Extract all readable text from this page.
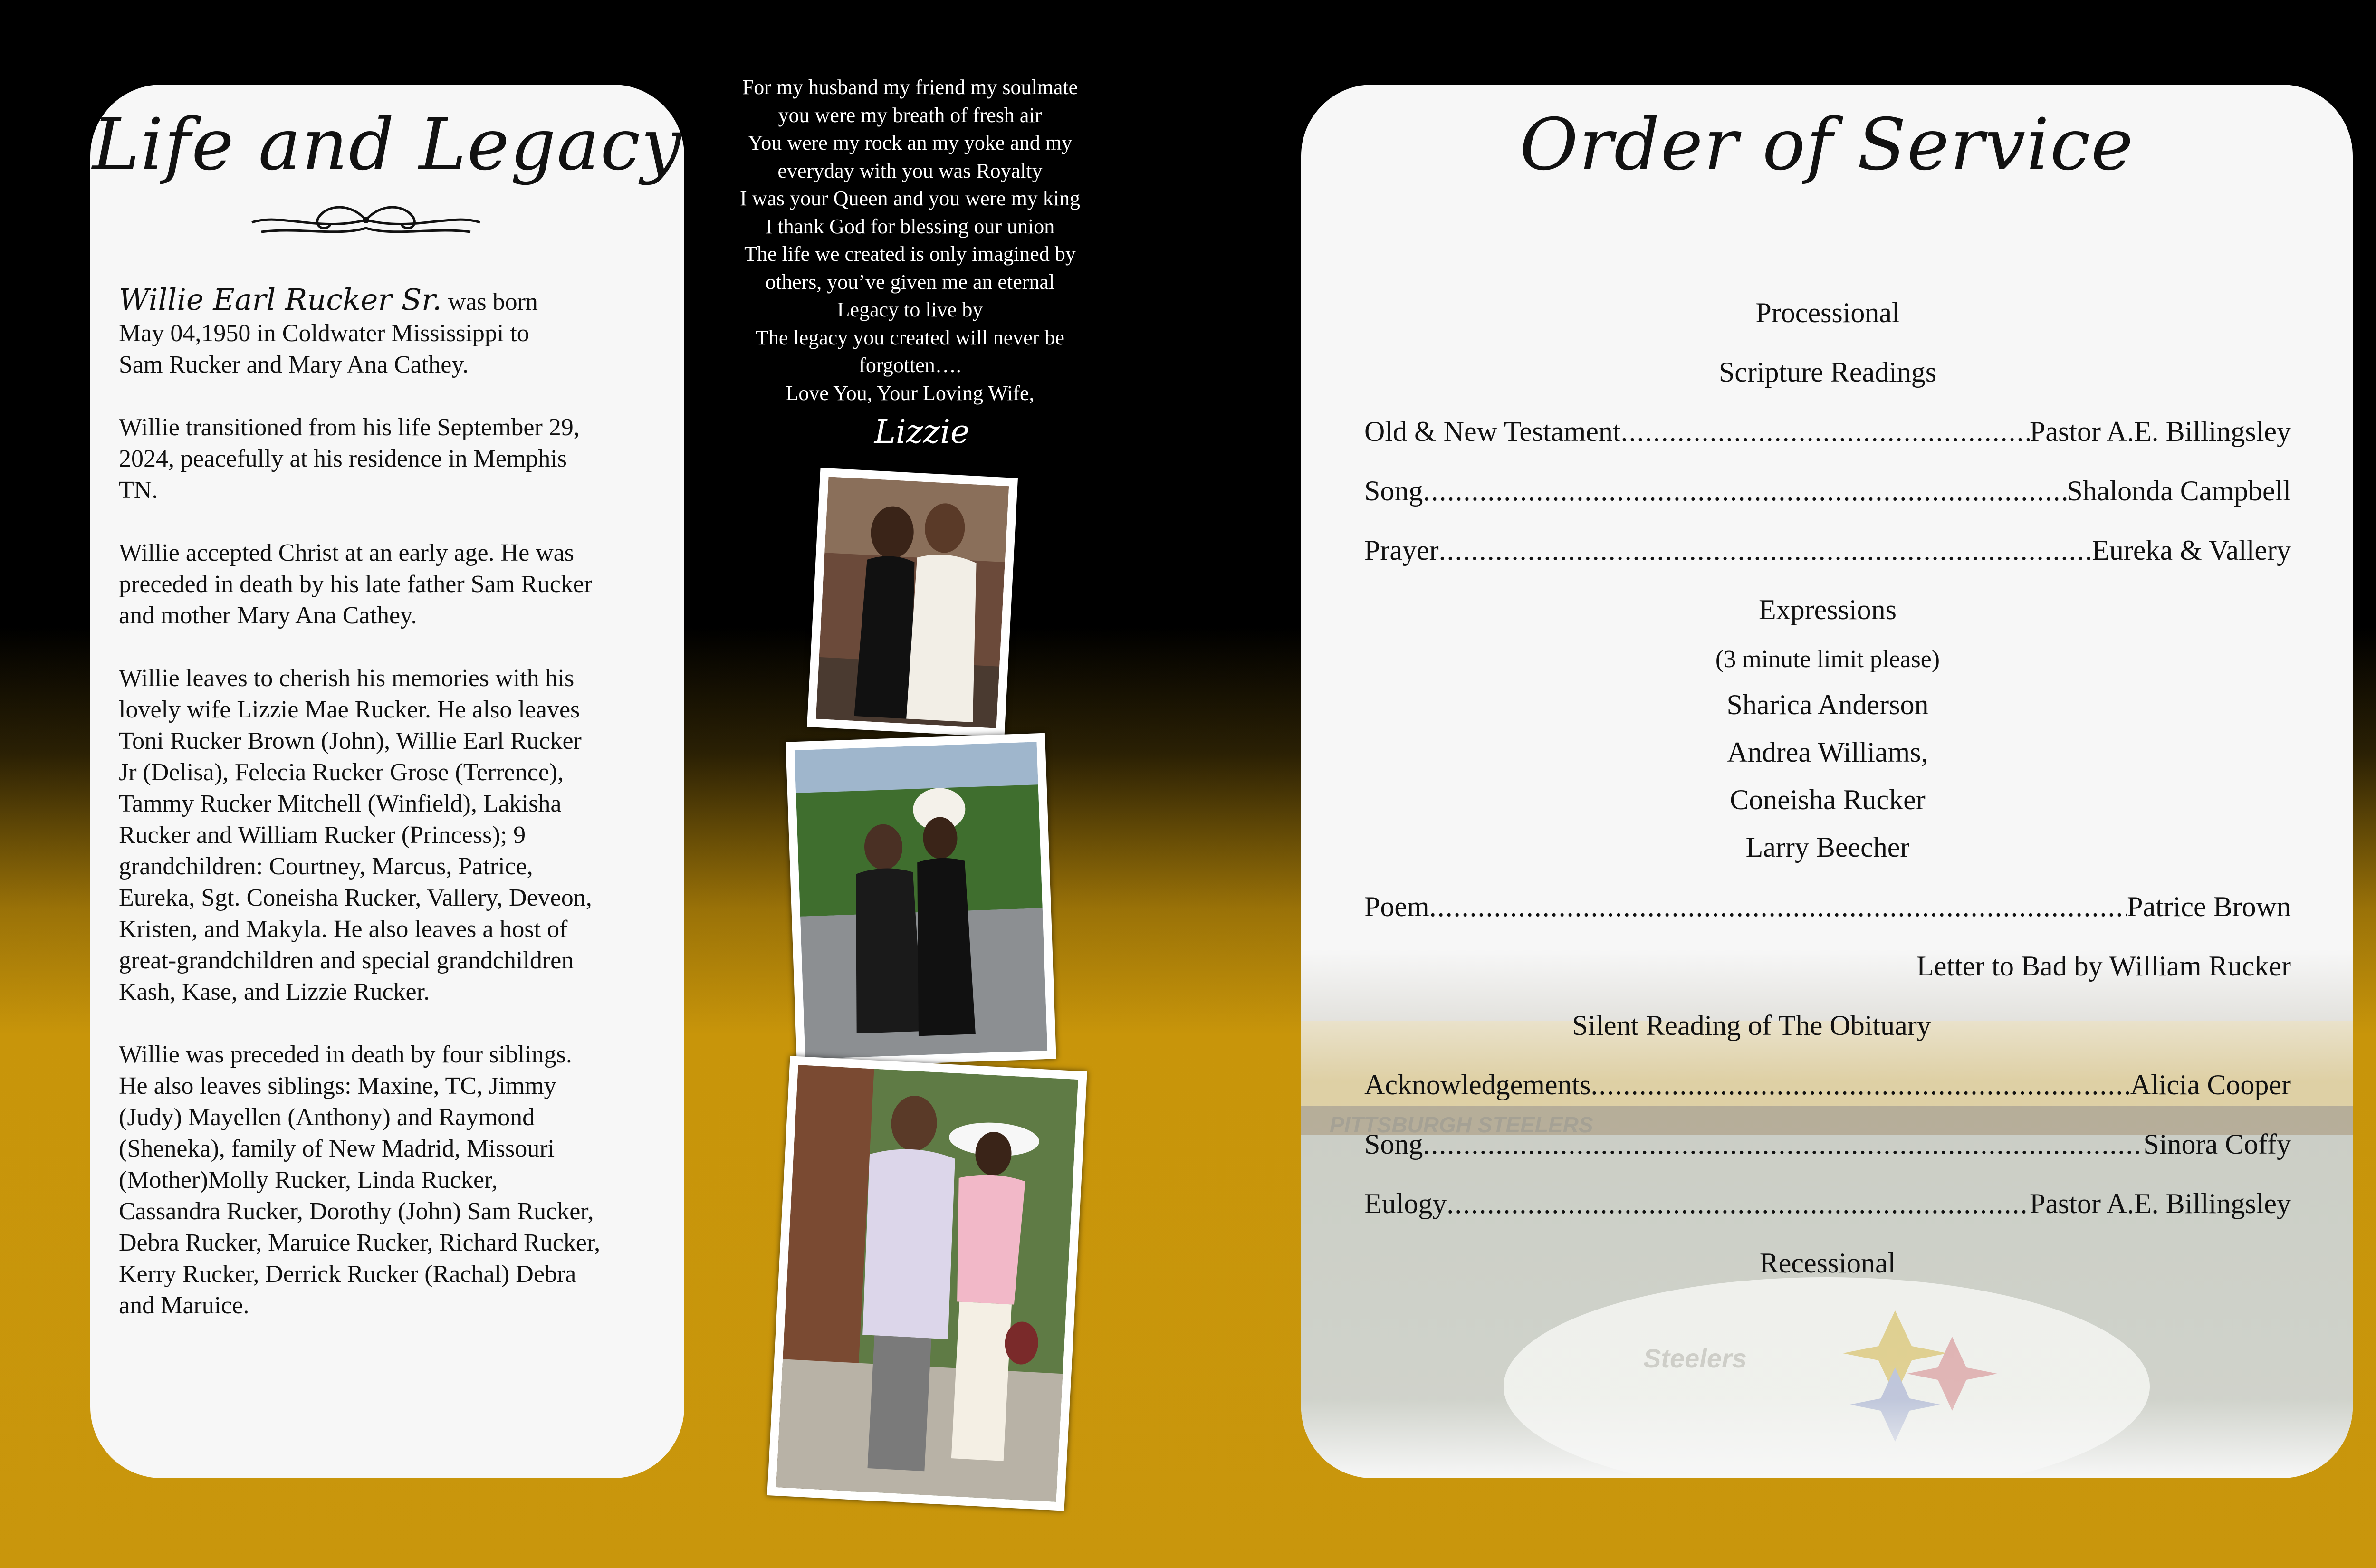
Life and Legacy

Willie Earl Rucker Sr. was born
May 04,1950 in Coldwater Mississippi to
Sam Rucker and Mary Ana Cathey.

Willie transitioned from his life September 29,
2024, peacefully at his residence in Memphis
TN.

Willie accepted Christ at an early age. He was
preceded in death by his late father Sam Rucker
and mother Mary Ana Cathey.

Willie leaves to cherish his memories with his
lovely wife Lizzie Mae Rucker. He also leaves
Toni Rucker Brown (John), Willie Earl Rucker
Jr (Delisa), Felecia Rucker Grose (Terrence),
Tammy Rucker Mitchell (Winfield), Lakisha
Rucker and William Rucker (Princess); 9
grandchildren: Courtney, Marcus, Patrice,
Eureka, Sgt. Coneisha Rucker, Vallery, Deveon,
Kristen, and Makyla. He also leaves a host of
great-grandchildren and special grandchildren
Kash, Kase, and Lizzie Rucker.

Willie was preceded in death by four siblings.
He also leaves siblings: Maxine, TC, Jimmy
(Judy) Mayellen (Anthony) and Raymond
(Sheneka), family of New Madrid, Missouri
(Mother)Molly Rucker, Linda Rucker,
Cassandra Rucker, Dorothy (John) Sam Rucker,
Debra Rucker, Maruice Rucker, Richard Rucker,
Kerry Rucker, Derrick Rucker (Rachal) Debra
and Maruice.

For my husband my friend my soulmate
you were my breath of fresh air
You were my rock an my yoke and my
everyday with you was Royalty
I was your Queen and you were my king
I thank God for blessing our union
The life we created is only imagined by
others, you’ve given me an eternal
Legacy to live by
The legacy you created will never be
forgotten….
Love You, Your Loving Wife,
Lizzie
Order of Service
Processional
Scripture Readings
Old & New Testament .....	Pastor A.E. Billingsley
Song .....	Shalonda Campbell
Prayer .....	Eureka & Vallery
Expressions
(3 minute limit please)
Sharica Anderson
Andrea Williams,
Coneisha Rucker
Larry Beecher
Poem .....	Patrice Brown
Letter to Bad by William Rucker
Silent Reading of The Obituary
Acknowledgements .....	Alicia Cooper
Song .....	Sinora Coffy
Eulogy .....	Pastor A.E. Billingsley
Recessional
